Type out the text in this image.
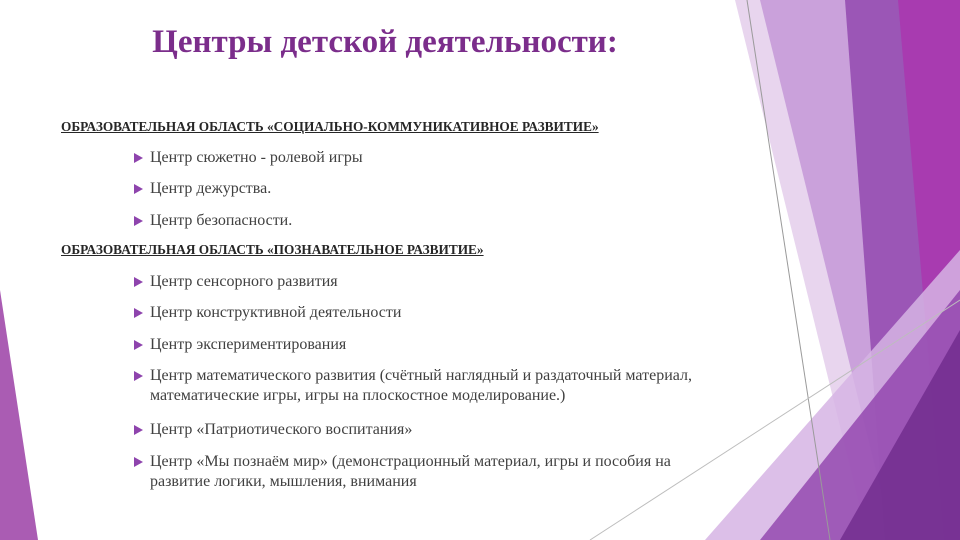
Центры детской деятельности:
ОБРАЗОВАТЕЛЬНАЯ ОБЛАСТЬ «СОЦИАЛЬНО-КОММУНИКАТИВНОЕ РАЗВИТИЕ»
Центр сюжетно - ролевой игры
Центр дежурства.
Центр безопасности.
ОБРАЗОВАТЕЛЬНАЯ ОБЛАСТЬ «ПОЗНАВАТЕЛЬНОЕ РАЗВИТИЕ»
Центр сенсорного развития
Центр конструктивной деятельности
Центр экспериментирования
Центр математического развития (счётный наглядный и раздаточный материал, математические игры, игры на плоскостное моделирование.)
Центр «Патриотического воспитания»
Центр «Мы познаём мир» (демонстрационный материал, игры и пособия на развитие логики, мышления, внимания
